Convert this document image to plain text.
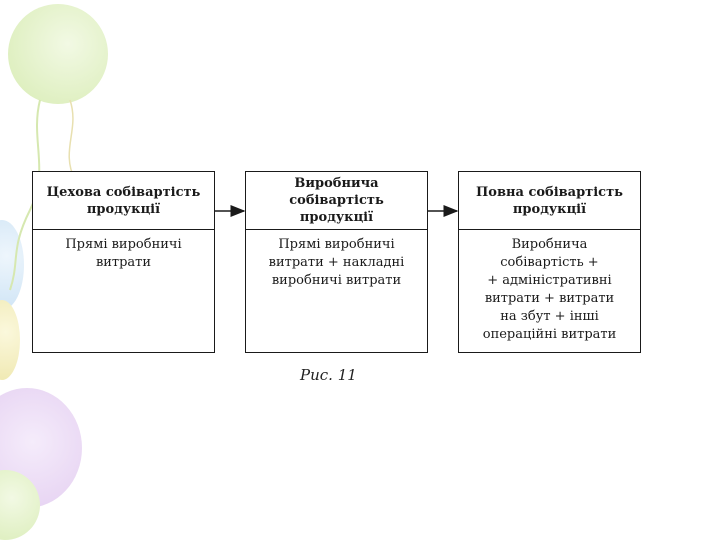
Цехова собівартість
продукції
Прямі виробничі
витрати
Виробнича собівартість
продукції
Прямі виробничі
витрати + накладні
виробничі витрати
Повна собівартість
продукції
Виробнича
собівартість +
+ адміністративні
витрати + витрати
на збут + інші
операційні витрати
Рис. 11
